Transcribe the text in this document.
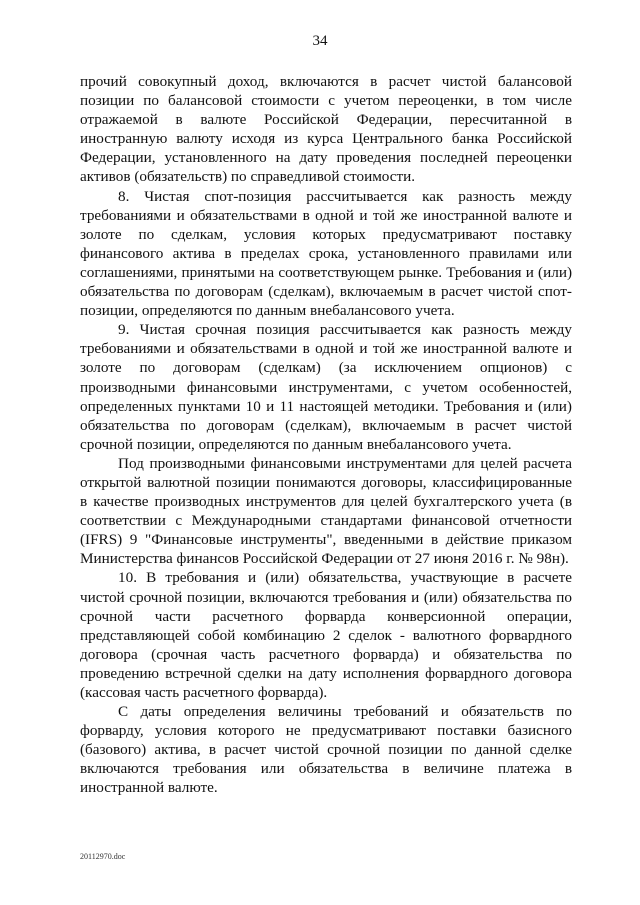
34

прочий совокупный доход, включаются в расчет чистой балансовой позиции по балансовой стоимости с учетом переоценки, в том числе отражаемой в валюте Российской Федерации, пересчитанной в иностранную валюту исходя из курса Центрального банка Российской Федерации, установленного на дату проведения последней переоценки активов (обязательств) по справедливой стоимости.

8. Чистая спот-позиция рассчитывается как разность между требованиями и обязательствами в одной и той же иностранной валюте и золоте по сделкам, условия которых предусматривают поставку финансового актива в пределах срока, установленного правилами или соглашениями, принятыми на соответствующем рынке. Требования и (или) обязательства по договорам (сделкам), включаемым в расчет чистой спот-позиции, определяются по данным внебалансового учета.

9. Чистая срочная позиция рассчитывается как разность между требованиями и обязательствами в одной и той же иностранной валюте и золоте по договорам (сделкам) (за исключением опционов) с производными финансовыми инструментами, с учетом особенностей, определенных пунктами 10 и 11 настоящей методики. Требования и (или) обязательства по договорам (сделкам), включаемым в расчет чистой срочной позиции, определяются по данным внебалансового учета.

Под производными финансовыми инструментами для целей расчета открытой валютной позиции понимаются договоры, классифицированные в качестве производных инструментов для целей бухгалтерского учета (в соответствии с Международными стандартами финансовой отчетности (IFRS) 9 "Финансовые инструменты", введенными в действие приказом Министерства финансов Российской Федерации от 27 июня 2016 г. № 98н).

10. В требования и (или) обязательства, участвующие в расчете чистой срочной позиции, включаются требования и (или) обязательства по срочной части расчетного форварда конверсионной операции, представляющей собой комбинацию 2 сделок - валютного форвардного договора (срочная часть расчетного форварда) и обязательства по проведению встречной сделки на дату исполнения форвардного договора (кассовая часть расчетного форварда).

С даты определения величины требований и обязательств по форварду, условия которого не предусматривают поставки базисного (базового) актива, в расчет чистой срочной позиции по данной сделке включаются требования или обязательства в величине платежа в иностранной валюте.

20112970.doc
